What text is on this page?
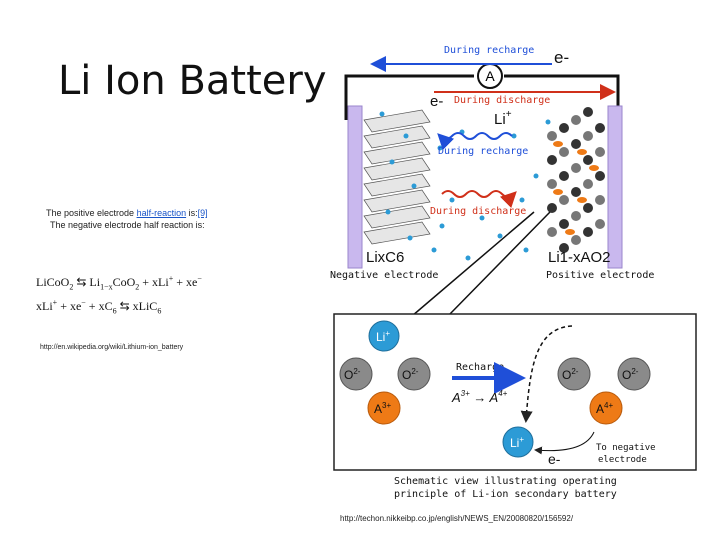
Li Ion Battery
The positive electrode half-reaction is:[9]
The negative electrode half reaction is:
LiCoO$_2$ ⇆ $Li_{1-x}CoO_2 + xLi^+ + xe^-$
$xLi^+ + xe^- + xC_6$ ⇆ xLiC$_6$
http://en.wikipedia.org/wiki/Lithium-ion_battery
http://techon.nikkeibp.co.jp/english/NEWS_EN/20080820/156592/
A
During recharge e-
e- During discharge
Li+
During recharge
During discharge
LixC6	Li1-xAO2
Negative electrode	Positive electrode
Li+
$O^{2-}$	$O^{2-}$
$A^{3+}$
$O^{2-}$	$O^{2-}$
$A^{4+}$
Li+
Recharge
$A^{3+} \to A^{4+}$
e-
To negative
electrode
Schematic view illustrating operating
principle of Li-ion secondary battery
